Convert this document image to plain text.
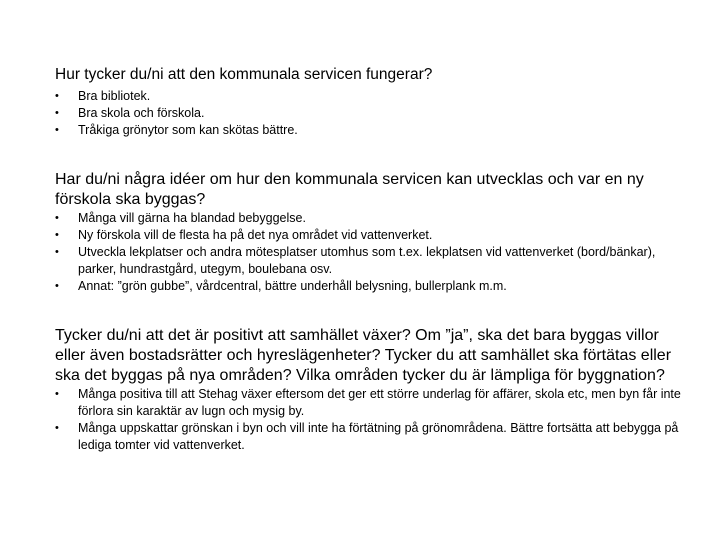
Hur tycker du/ni att den kommunala servicen fungerar?

• Bra bibliotek.
• Bra skola och förskola.
• Tråkiga grönytor som kan skötas bättre.

Har du/ni några idéer om hur den kommunala servicen kan utvecklas och var en ny förskola ska byggas?

• Många vill gärna ha blandad bebyggelse.
• Ny förskola vill de flesta ha på det nya området vid vattenverket.
• Utveckla lekplatser och andra mötesplatser utomhus som t.ex. lekplatsen vid vattenverket (bord/bänkar), parker, hundrastgård, utegym, boulebana osv.
• Annat: ”grön gubbe”, vårdcentral, bättre underhåll belysning, bullerplank m.m.

Tycker du/ni att det är positivt att samhället växer? Om ”ja”, ska det bara byggas villor eller även bostadsrätter och hyreslägenheter? Tycker du att samhället ska förtätas eller ska det byggas på nya områden? Vilka områden tycker du är lämpliga för byggnation?

• Många positiva till att Stehag växer eftersom det ger ett större underlag för affärer, skola etc, men byn får inte förlora sin karaktär av lugn och mysig by.
• Många uppskattar grönskan i byn och vill inte ha förtätning på grönområdena. Bättre fortsätta att bebygga på lediga tomter vid vattenverket.
